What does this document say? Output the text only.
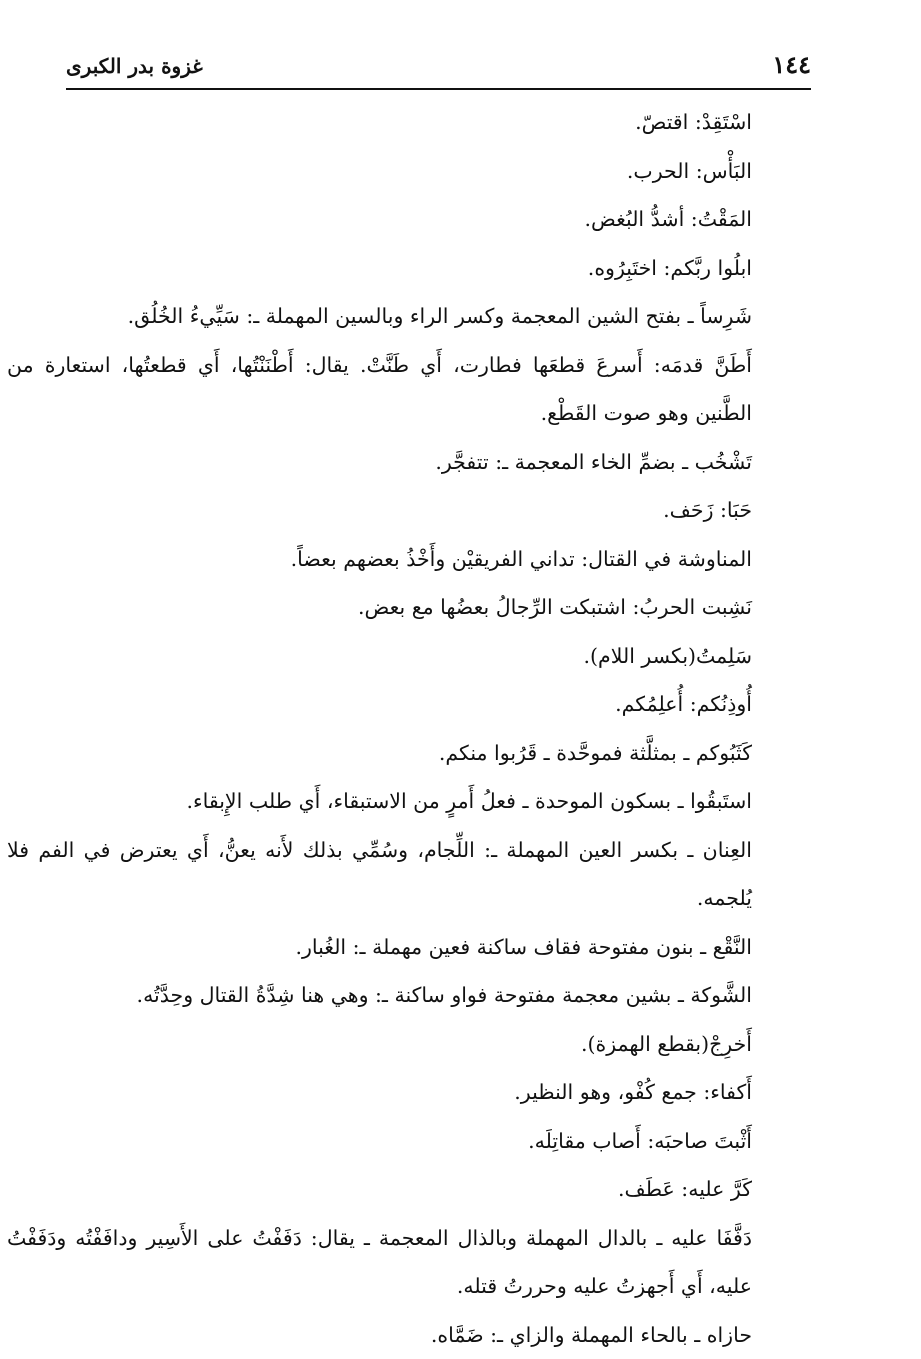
١٤٤
غزوة بدر الكبرى

اسْتَقِدْ: اقتصّ.

البَأْس: الحرب.

المَقْتُ: أشدُّ البُغض.

ابلُوا ربَّكم: اختَبِرُوه.

شَرِساً ـ بفتح الشين المعجمة وكسر الراء وبالسين المهملة ـ: سَيِّيءُ الخُلُق.

أَطَنَّ قدمَه: أَسرعَ قطعَها فطارت، أَي طَنَّتْ. يقال: أَطْنَنْتُها، أَي قطعتُها، استعارة من الطَّنين وهو صوت القَطْع.

تَشْخُب ـ بضمِّ الخاء المعجمة ـ: تتفجَّر.

حَبَا: زَحَف.

المناوشة في القتال: تداني الفريقيْن وأَخْذُ بعضهم بعضاً.

نَشِبت الحربُ: اشتبكت الرِّجالُ بعضُها مع بعض.

سَلِمتُ(بكسر اللام).

أُوذِنُكم: أُعلِمُكم.

كَثَبُوكم ـ بمثلَّثة فموحَّدة ـ قَرُبوا منكم.

استَبقُوا ـ بسكون الموحدة ـ فعلُ أَمرٍ من الاستبقاء، أَي طلب الإِبقاء.

العِنان ـ بكسر العين المهملة ـ: اللِّجام، وسُمِّي بذلك لأَنه يعنُّ، أَي يعترض في الفم فلا يُلجمه.

النَّقْع ـ بنون مفتوحة فقاف ساكنة فعين مهملة ـ: الغُبار.

الشَّوكة ـ بشين معجمة مفتوحة فواو ساكنة ـ: وهي هنا شِدَّةُ القتال وحِدَّتُه.

أَخرِجْ(بقطع الهمزة).

أَكفاء: جمع كُفْو، وهو النظير.

أَثْبتَ صاحبَه: أَصاب مقاتِلَه.

كَرَّ عليه: عَطَف.

دَفَّفَا عليه ـ بالدال المهملة وبالذال المعجمة ـ يقال: دَفَفْتُ على الأَسِير ودافَفْتُه ودَفَفْتُ عليه، أَي أَجهزتُ عليه وحررتُ قتله.

حازاه ـ بالحاء المهملة والزاي ـ: ضَمَّاه.
